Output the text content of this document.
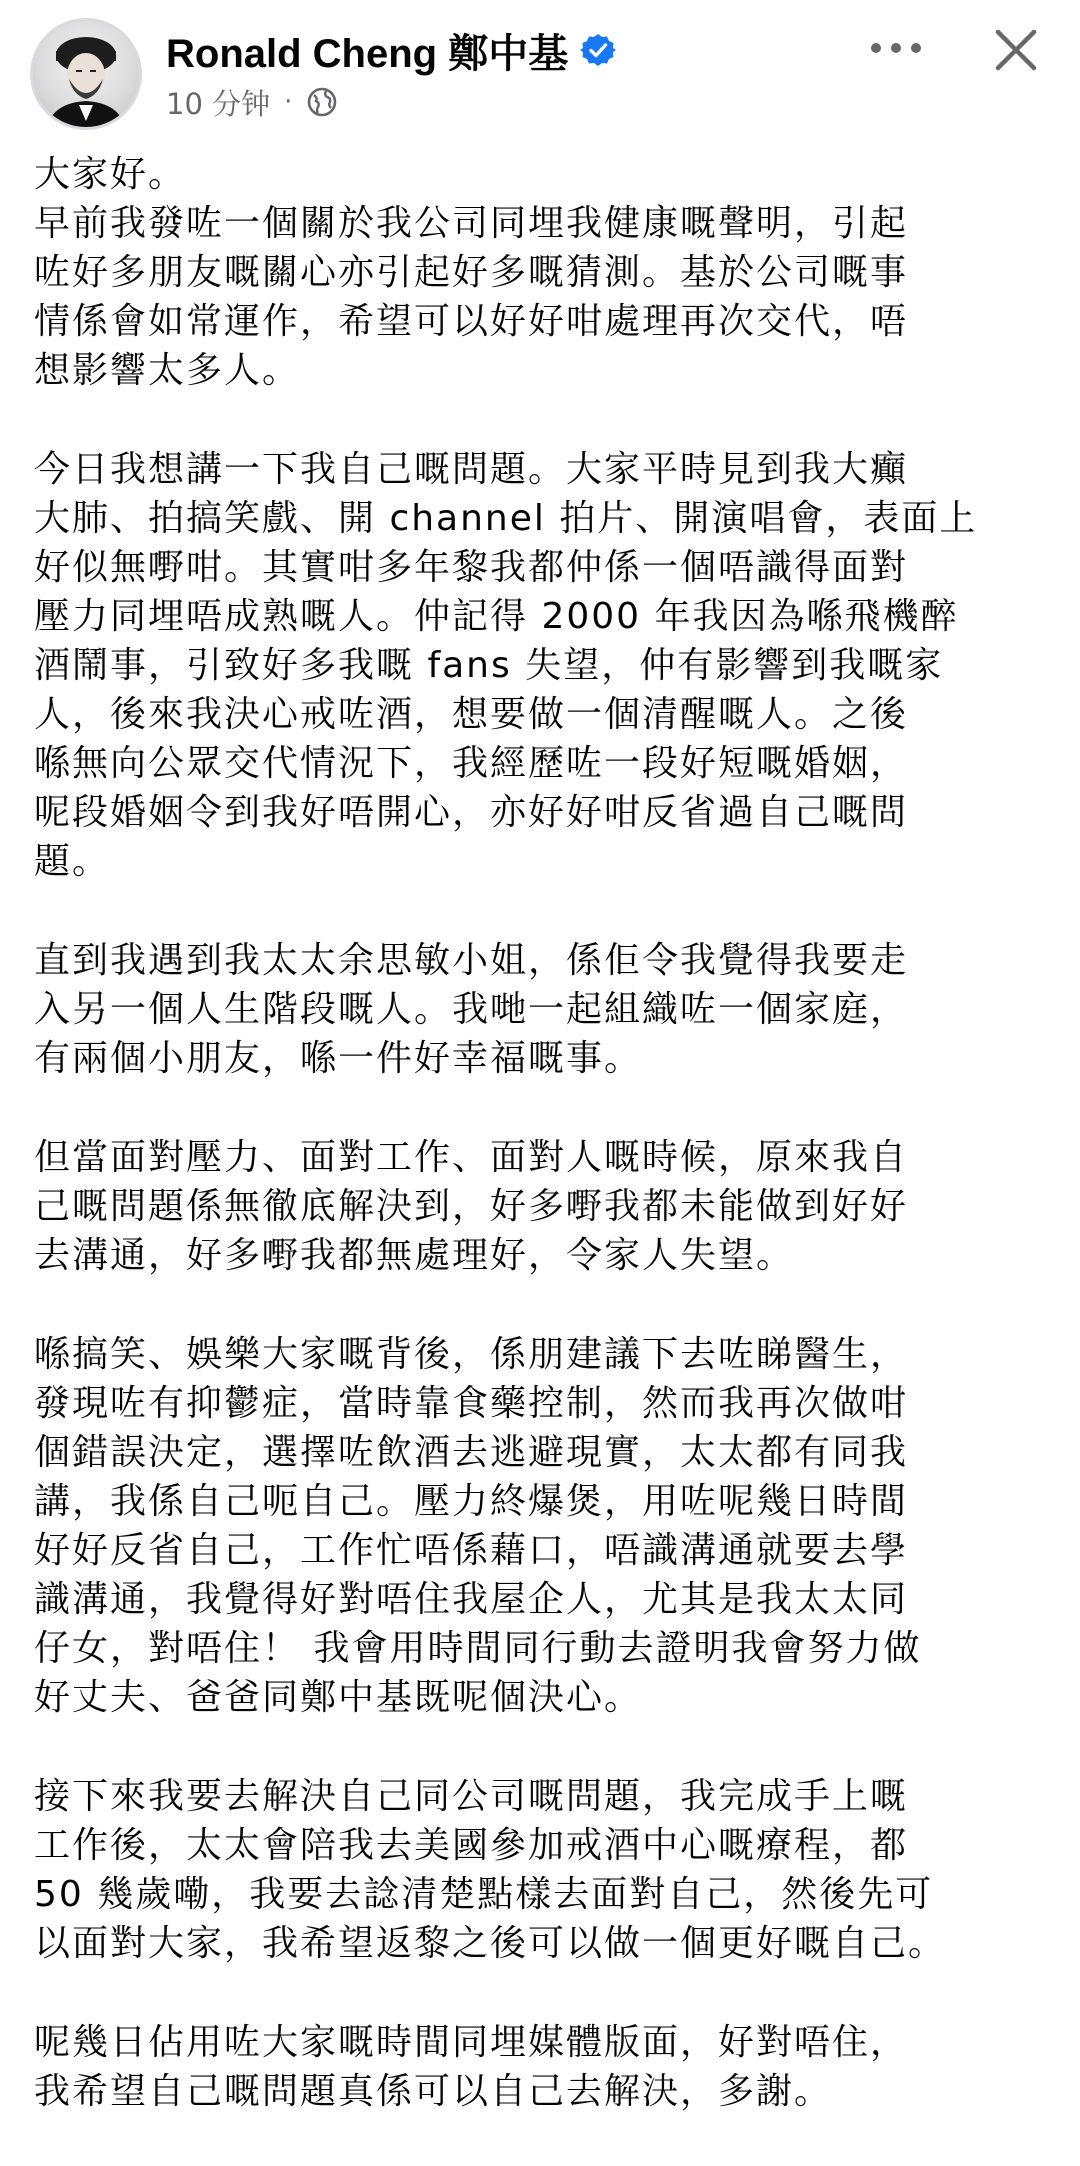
Ronald Cheng 鄭中基
10 分钟 ·
大家好。
早前我發咗一個關於我公司同埋我健康嘅聲明，引起
咗好多朋友嘅關心亦引起好多嘅猜測。基於公司嘅事
情係會如常運作，希望可以好好咁處理再次交代，唔
想影響太多人。
今日我想講一下我自己嘅問題。大家平時見到我大癲
大肺、拍搞笑戲、開 channel 拍片、開演唱會，表面上
好似無嘢咁。其實咁多年黎我都仲係一個唔識得面對
壓力同埋唔成熟嘅人。仲記得 2000 年我因為喺飛機醉
酒鬧事，引致好多我嘅 fans 失望，仲有影響到我嘅家
人，後來我決心戒咗酒，想要做一個清醒嘅人。之後
喺無向公眾交代情況下，我經歷咗一段好短嘅婚姻，
呢段婚姻令到我好唔開心，亦好好咁反省過自己嘅問
題。
直到我遇到我太太余思敏小姐，係佢令我覺得我要走
入另一個人生階段嘅人。我哋一起組織咗一個家庭，
有兩個小朋友，喺一件好幸福嘅事。
但當面對壓力、面對工作、面對人嘅時候，原來我自
己嘅問題係無徹底解決到，好多嘢我都未能做到好好
去溝通，好多嘢我都無處理好，令家人失望。
喺搞笑、娛樂大家嘅背後，係朋建議下去咗睇醫生，
發現咗有抑鬱症，當時靠食藥控制，然而我再次做咁
個錯誤決定，選擇咗飲酒去逃避現實，太太都有同我
講，我係自己呃自己。壓力終爆煲，用咗呢幾日時間
好好反省自己，工作忙唔係藉口，唔識溝通就要去學
識溝通，我覺得好對唔住我屋企人，尤其是我太太同
仔女，對唔住！ 我會用時間同行動去證明我會努力做
好丈夫、爸爸同鄭中基既呢個決心。
接下來我要去解決自己同公司嘅問題，我完成手上嘅
工作後，太太會陪我去美國參加戒酒中心嘅療程，都
50 幾歲嘞，我要去諗清楚點樣去面對自己，然後先可
以面對大家，我希望返黎之後可以做一個更好嘅自己。
呢幾日佔用咗大家嘅時間同埋媒體版面，好對唔住，
我希望自己嘅問題真係可以自己去解決，多謝。
